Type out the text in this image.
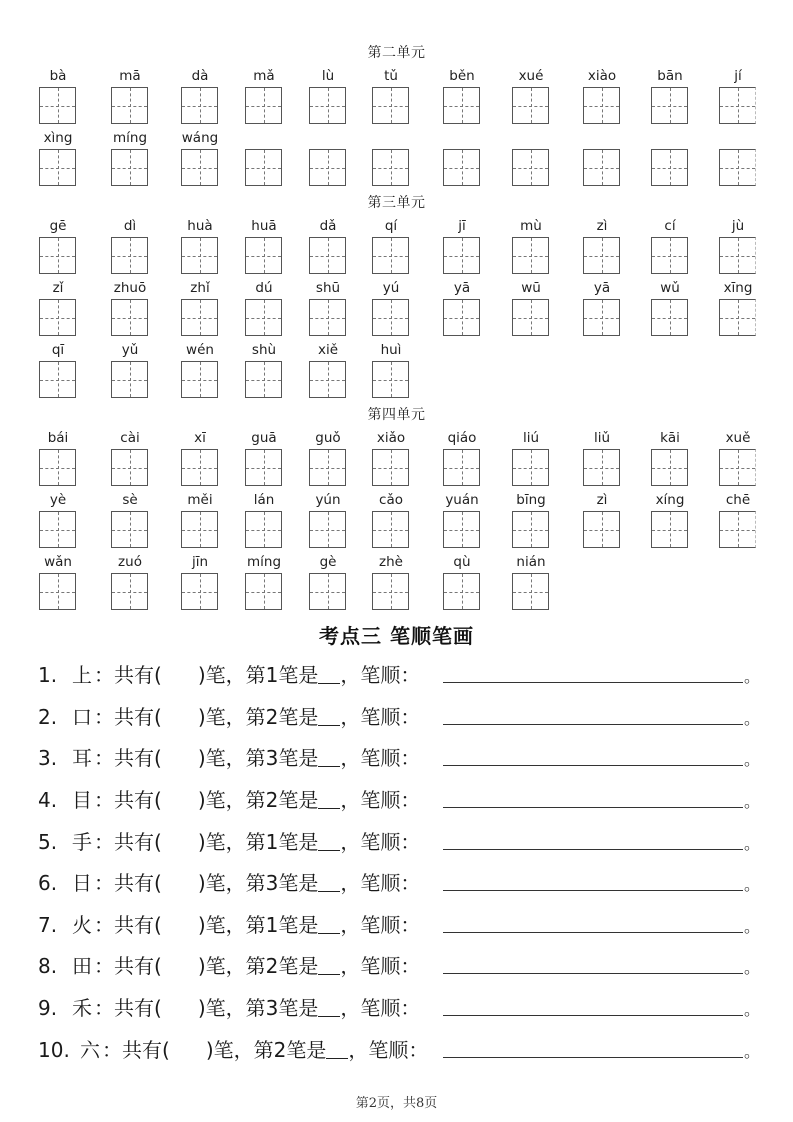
第二单元
bà	mā	dà	mǎ	lù	tǔ	běn	xué	xiào	bān	jí
xìng	míng	wáng
第三单元
gē	dì	huà	huā	dǎ	qí	jī	mù	zì	cí	jù
zǐ	zhuō	zhǐ	dú	shū	yú	yā	wū	yā	wǔ	xīng
qī	yǔ	wén	shù	xiě	huì
第四单元
bái	cài	xī	guā	guǒ	xiǎo	qiáo	liú	liǔ	kāi	xuě
yè	sè	měi	lán	yún	cǎo	yuán	bīng	zì	xíng	chē
wǎn	zuó	jīn	míng	gè	zhè	qù	nián
考点三 笔顺笔画
1. 上 ：共有( )笔，第1笔是 ，笔顺：	。
2. 口 ：共有( )笔，第2笔是 ，笔顺：	。
3. 耳 ：共有( )笔，第3笔是 ，笔顺：	。
4. 目 ：共有( )笔，第2笔是 ，笔顺：	。
5. 手 ：共有( )笔，第1笔是 ，笔顺：	。
6. 日 ：共有( )笔，第3笔是 ，笔顺：	。
7. 火 ：共有( )笔，第1笔是 ，笔顺：	。
8. 田 ：共有( )笔，第2笔是 ，笔顺：	。
9. 禾 ：共有( )笔，第3笔是 ，笔顺：	。
10. 六 ：共有( )笔，第2笔是 ，笔顺：	。
第2页，共8页
